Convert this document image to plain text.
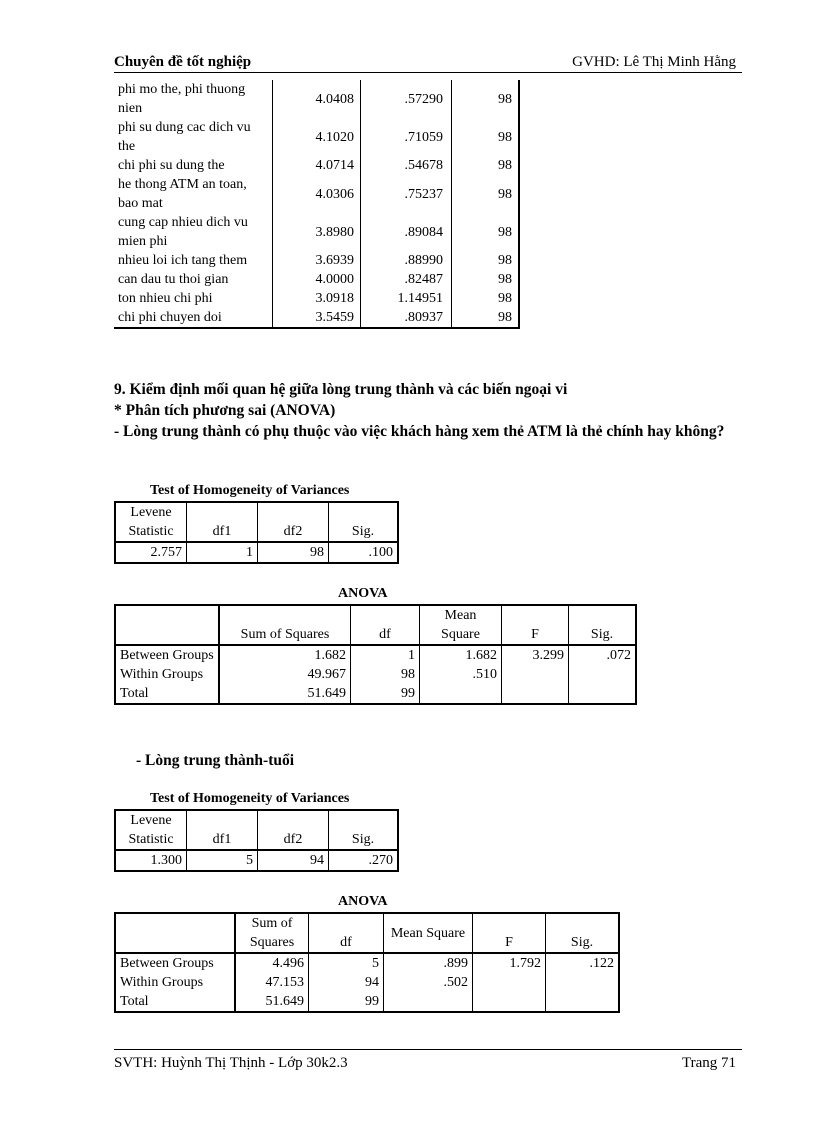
Chuyên đề tốt nghiệp	GVHD: Lê Thị Minh Hằng
phi mo the, phi thuong nien	4.0408	.57290	98
phi su dung cac dich vu the	4.1020	.71059	98
chi phi su dung the	4.0714	.54678	98
he thong ATM an toan, bao mat	4.0306	.75237	98
cung cap nhieu dich vu mien phi	3.8980	.89084	98
nhieu loi ich tang them	3.6939	.88990	98
can dau tu thoi gian	4.0000	.82487	98
ton nhieu chi phi	3.0918	1.14951	98
chi phi chuyen doi	3.5459	.80937	98
9. Kiểm định mối quan hệ giữa lòng trung thành và các biến ngoại vi
* Phân tích phương sai (ANOVA)
- Lòng trung thành có phụ thuộc vào việc khách hàng xem thẻ ATM là thẻ chính hay không?
Test of Homogeneity of Variances
Levene Statistic	df1	df2	Sig.
2.757	1	98	.100
ANOVA
	Sum of Squares	df	Mean Square	F	Sig.
Between Groups	1.682	1	1.682	3.299	.072
Within Groups	49.967	98	.510		
Total	51.649	99			
- Lòng trung thành-tuổi
Test of Homogeneity of Variances
Levene Statistic	df1	df2	Sig.
1.300	5	94	.270
ANOVA
	Sum of Squares	df	Mean Square	F	Sig.
Between Groups	4.496	5	.899	1.792	.122
Within Groups	47.153	94	.502		
Total	51.649	99			
SVTH: Huỳnh Thị Thịnh - Lớp 30k2.3	Trang 71
